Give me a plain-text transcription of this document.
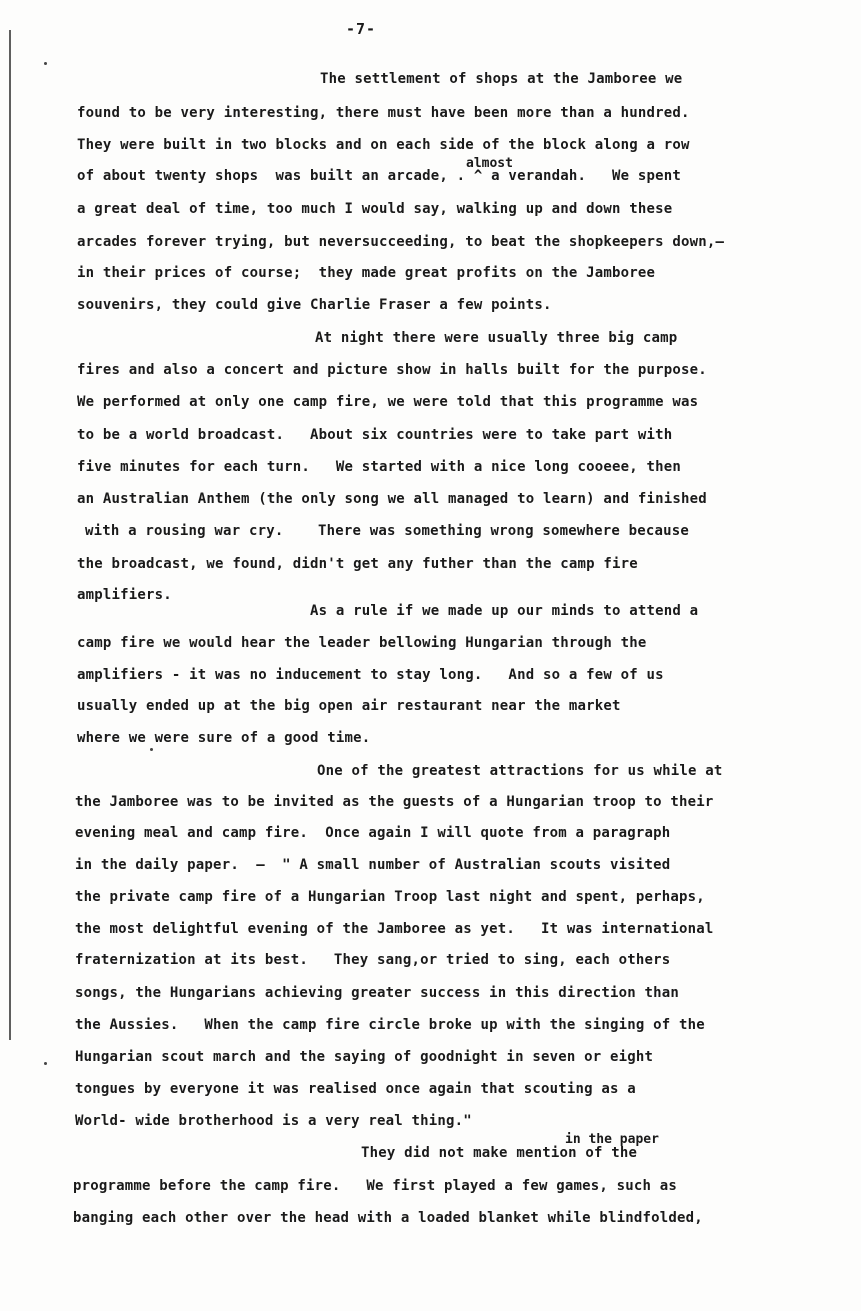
-7-
The settlement of shops at the Jamboree we
found to be very interesting, there must have been more than a hundred.
They were built in two blocks and on each side of the block along a row
almost
of about twenty shops  was built an arcade, . ^ a verandah.   We spent
a great deal of time, too much I would say, walking up and down these
arcades forever trying, but neversucceeding, to beat the shopkeepers down,—
in their prices of course;  they made great profits on the Jamboree
souvenirs, they could give Charlie Fraser a few points.
At night there were usually three big camp
fires and also a concert and picture show in halls built for the purpose.
We performed at only one camp fire, we were told that this programme was
to be a world broadcast.   About six countries were to take part with
five minutes for each turn.   We started with a nice long cooeee, then
an Australian Anthem (the only song we all managed to learn) and finished
with a rousing war cry.    There was something wrong somewhere because
the broadcast, we found, didn't get any futher than the camp fire
amplifiers.
As a rule if we made up our minds to attend a
camp fire we would hear the leader bellowing Hungarian through the
amplifiers - it was no inducement to stay long.   And so a few of us
usually ended up at the big open air restaurant near the market
where we were sure of a good time.
One of the greatest attractions for us while at
the Jamboree was to be invited as the guests of a Hungarian troop to their
evening meal and camp fire.  Once again I will quote from a paragraph
in the daily paper.  —  " A small number of Australian scouts visited
the private camp fire of a Hungarian Troop last night and spent, perhaps,
the most delightful evening of the Jamboree as yet.   It was international
fraternization at its best.   They sang,or tried to sing, each others
songs, the Hungarians achieving greater success in this direction than
the Aussies.   When the camp fire circle broke up with the singing of the
Hungarian scout march and the saying of goodnight in seven or eight
tongues by everyone it was realised once again that scouting as a
World- wide brotherhood is a very real thing."
in the paper
They did not make mention of the
programme before the camp fire.   We first played a few games, such as
banging each other over the head with a loaded blanket while blindfolded,
